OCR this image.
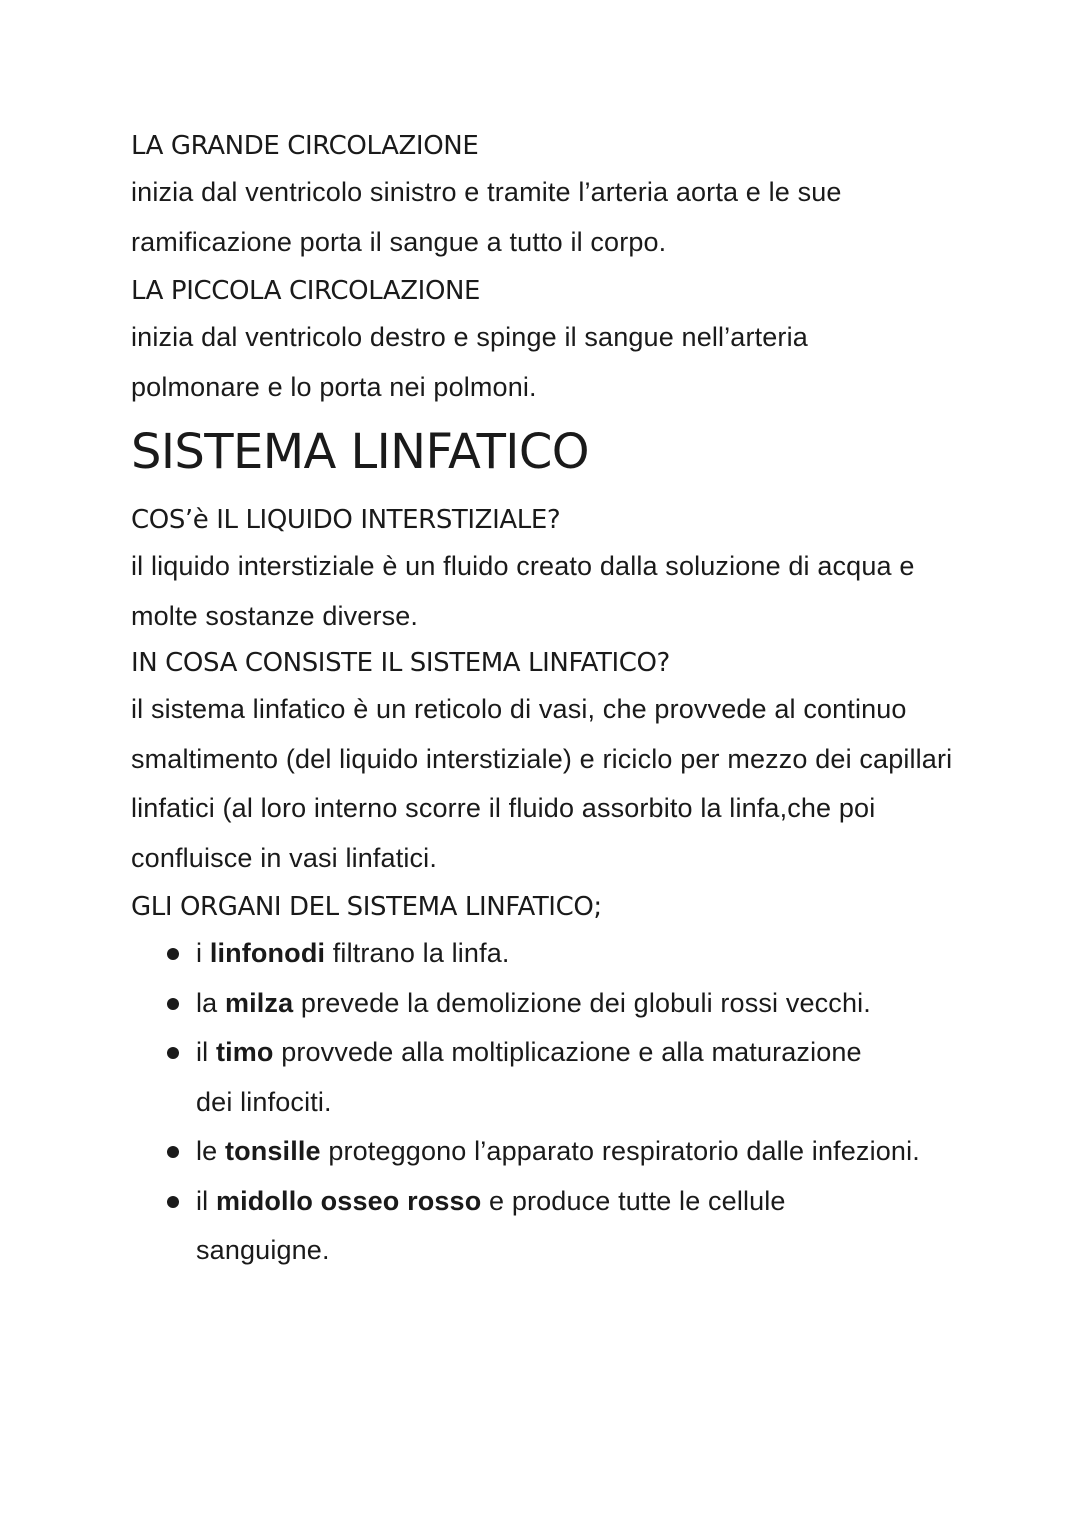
LA GRANDE CIRCOLAZIONE

inizia dal ventricolo sinistro e tramite l’arteria aorta e le sue ramificazione porta il sangue a tutto il corpo.

LA PICCOLA CIRCOLAZIONE

inizia dal ventricolo destro e spinge il sangue nell’arteria polmonare e lo porta nei polmoni.

SISTEMA LINFATICO
COS’è IL LIQUIDO INTERSTIZIALE?

il liquido interstiziale è un fluido creato dalla soluzione di acqua e molte sostanze diverse.

IN COSA CONSISTE IL SISTEMA LINFATICO?

il sistema linfatico è un reticolo di vasi, che provvede al continuo smaltimento (del liquido interstiziale) e riciclo per mezzo dei capillari linfatici (al loro interno scorre il fluido assorbito la linfa,che poi confluisce in vasi linfatici.

GLI ORGANI DEL SISTEMA LINFATICO;
i linfonodi filtrano la linfa.
la milza prevede la demolizione dei globuli rossi vecchi.
il timo provvede alla moltiplicazione e alla maturazione dei linfociti.
le tonsille proteggono l’apparato respiratorio dalle infezioni.
il midollo osseo rosso e produce tutte le cellule sanguigne.
